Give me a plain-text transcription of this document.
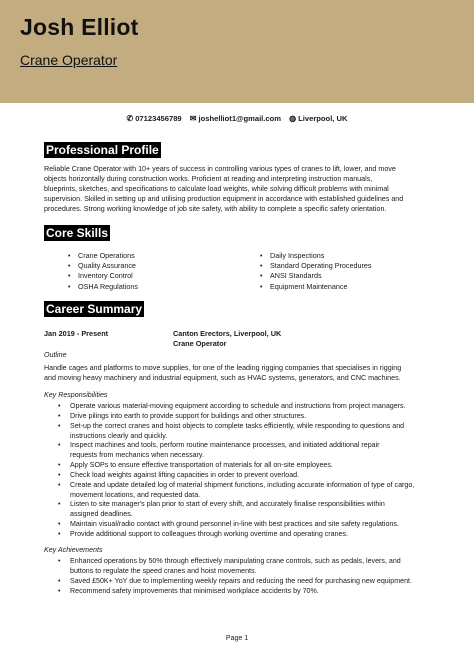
Josh Elliot
Crane Operator
✆ 07123456789 ✉ joshelliot1@gmail.com ◍ Liverpool, UK
Professional Profile
Reliable Crane Operator with 10+ years of success in controlling various types of cranes to lift, lower, and move
objects horizontally during construction works. Proficient at reading and interpreting instruction manuals,
blueprints, sketches, and specifications to calculate load weights, while solving difficult problems with minimal
supervision. Skilled in setting up and utilising production equipment in accordance with established guidelines and
procedures. Strong working knowledge of job site safety, with ability to complete a specific safety orientation.
Core Skills
• Crane Operations
• Quality Assurance
• Inventory Control
• OSHA Regulations
• Daily Inspections
• Standard Operating Procedures
• ANSI Standards
• Equipment Maintenance
Career Summary
Jan 2019 - Present	Canton Erectors, Liverpool, UK
Crane Operator
Outline
Handle cages and platforms to move supplies, for one of the leading rigging companies that specialises in rigging
and moving heavy machinery and industrial equipment, such as HVAC systems, generators, and CNC machines.
Key Responsibilities
• Operate various material-moving equipment according to schedule and instructions from project managers.
• Drive pilings into earth to provide support for buildings and other structures.
• Set-up the correct cranes and hoist objects to complete tasks efficiently, while responding to questions and
instructions clearly and quickly.
• Inspect machines and tools, perform routine maintenance processes, and initiated additional repair
requests from mechanics when necessary.
• Apply SOPs to ensure effective transportation of materials for all on-site employees.
• Check load weights against lifting capacities in order to prevent overload.
• Create and update detailed log of material shipment functions, including accurate information of type of cargo,
movement locations, and requested data.
• Listen to site manager's plan prior to start of every shift, and accurately finalise responsibilities within
assigned deadlines.
• Maintain visual/radio contact with ground personnel in-line with best practices and site safety regulations.
• Provide additional support to colleagues through working overtime and operating cranes.
Key Achievements
• Enhanced operations by 50% through effectively manipulating crane controls, such as pedals, levers, and
buttons to regulate the speed cranes and hoist movements.
• Saved £50K+ YoY due to implementing weekly repairs and reducing the need for purchasing new equipment.
• Recommend safety improvements that minimised workplace accidents by 70%.
Page 1
